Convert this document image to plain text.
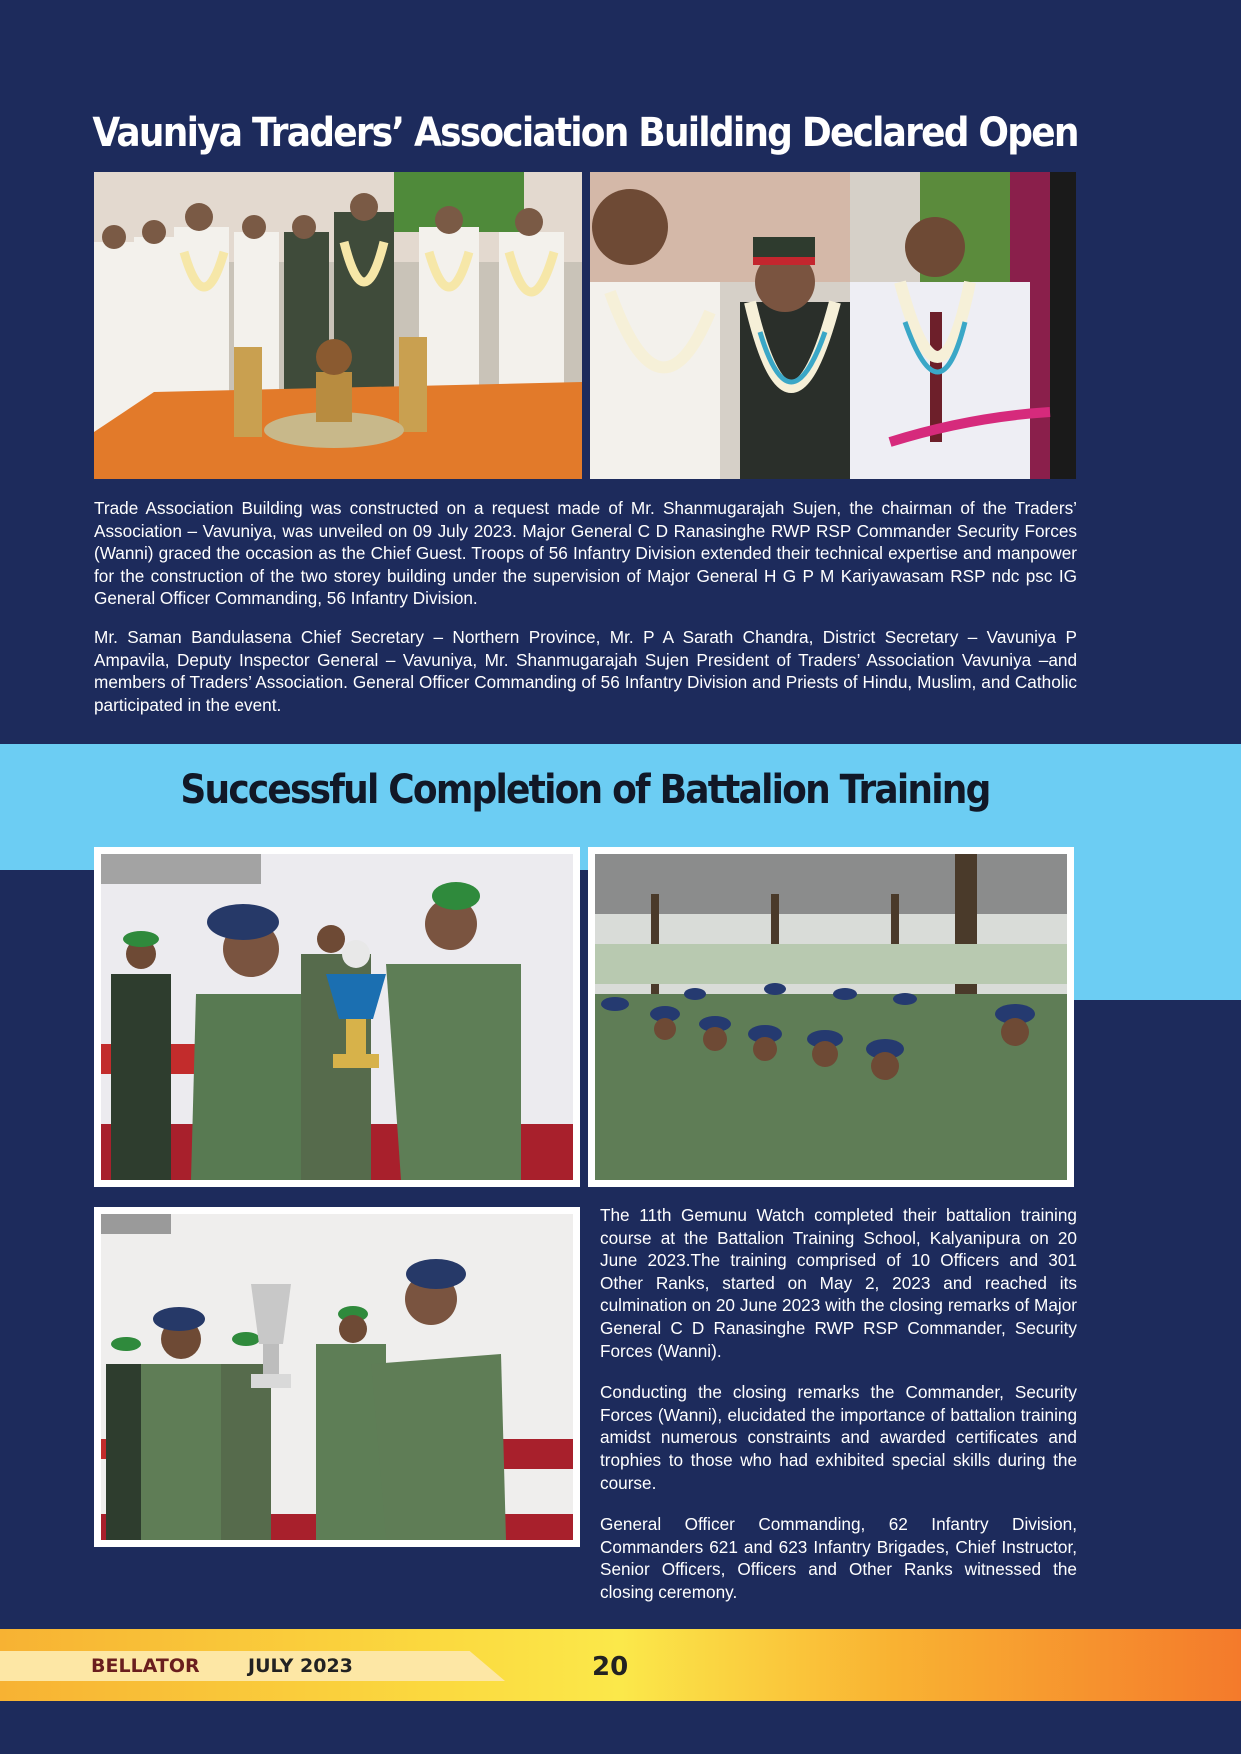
Vauniya Traders’ Association Building Declared Open

Trade Association Building was constructed on a request made of Mr. Shanmugarajah Sujen, the chairman of the Traders’ Association – Vavuniya, was unveiled on 09 July 2023. Major General C D Ranasinghe RWP RSP Commander Security Forces (Wanni) graced the occasion as the Chief Guest. Troops of 56 Infantry Division extended their technical expertise and manpower for the construction of the two storey building under the supervision of Major General H G P M Kariyawasam RSP ndc psc IG General Officer Commanding, 56 Infantry Division.

Mr. Saman Bandulasena Chief Secretary – Northern Province, Mr. P A Sarath Chandra, District Secretary – Vavuniya P Ampavila, Deputy Inspector General – Vavuniya, Mr. Shanmugarajah Sujen President of Traders’ Association Vavuniya –and members of Traders’ Association. General Officer Commanding of 56 Infantry Division and Priests of Hindu, Muslim, and Catholic participated in the event.

Successful Completion of Battalion Training

The 11th Gemunu Watch completed their battalion training course at the Battalion Training School, Kalyanipura on 20 June 2023.The training comprised of 10 Officers and 301 Other Ranks, started on May 2, 2023 and reached its culmination on 20 June 2023 with the closing remarks of Major General C D Ranasinghe RWP RSP Commander, Security Forces (Wanni).

Conducting the closing remarks the Commander, Security Forces (Wanni), elucidated the importance of battalion training amidst numerous constraints and awarded certificates and trophies to those who had exhibited special skills during the course.

General Officer Commanding, 62 Infantry Division, Commanders 621 and 623 Infantry Brigades, Chief Instructor, Senior Officers, Officers and Other Ranks witnessed the closing ceremony.

BELLATOR	JULY 2023	20
